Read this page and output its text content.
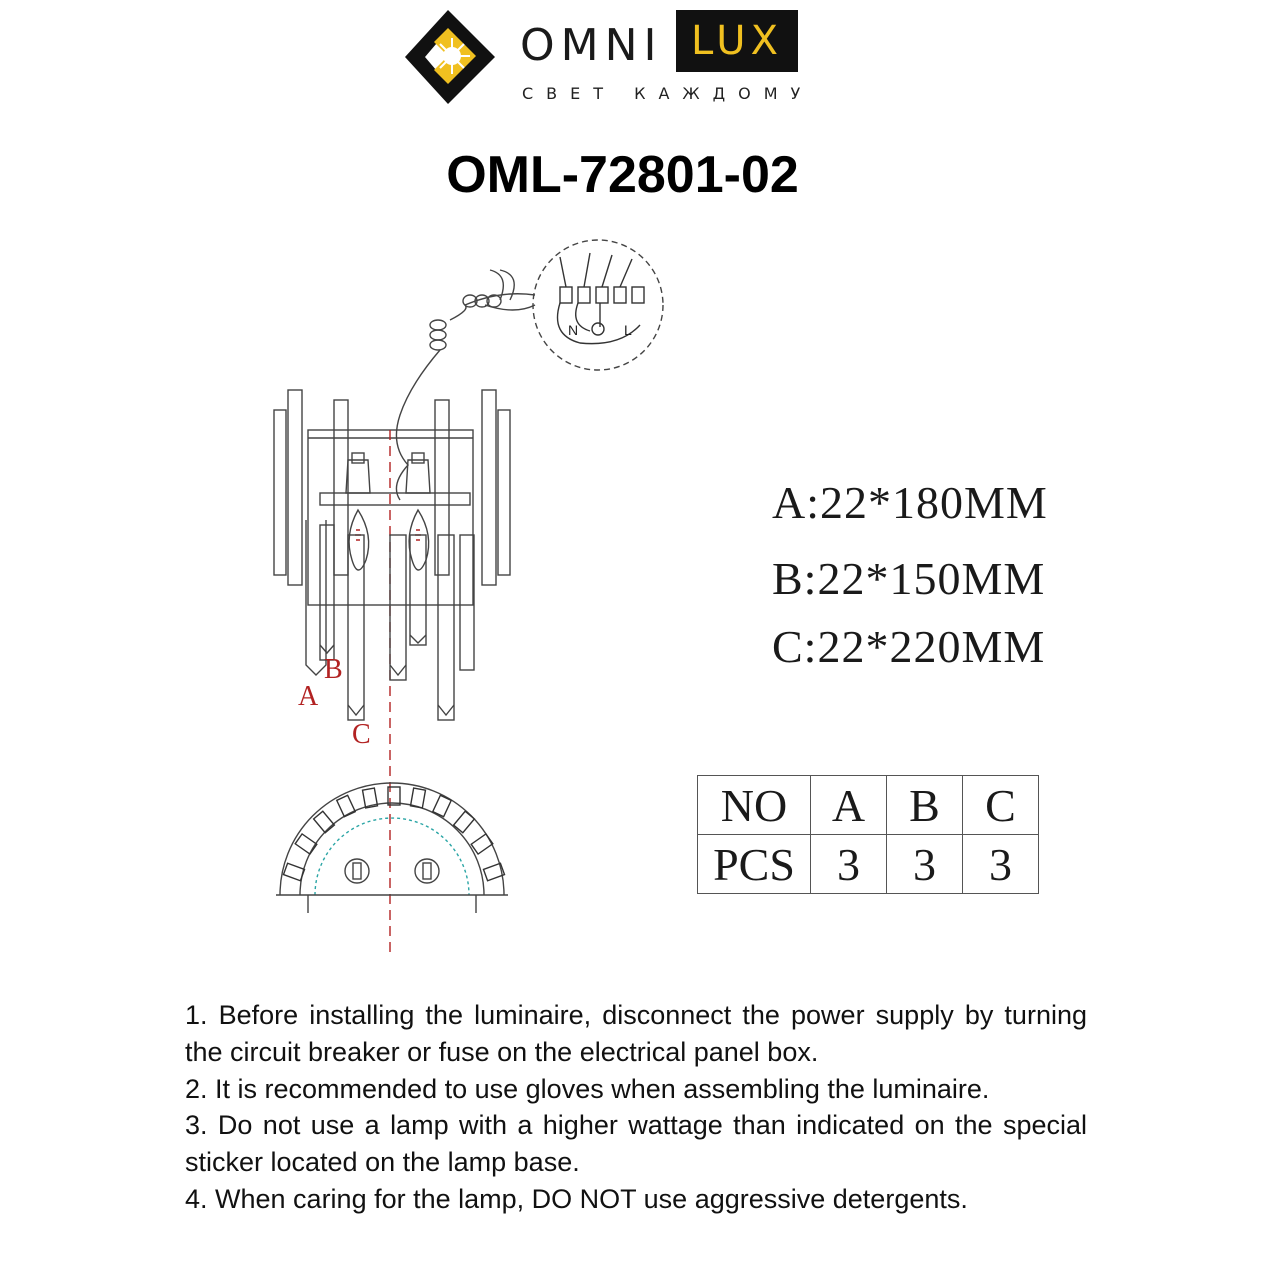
OMNI LUX
СВЕТ КАЖДОМУ
OML-72801-02
N	L
A
B
C
A:22*180MM
B:22*150MM
C:22*220MM
NO	A	B	C
PCS	3	3	3

1. Before installing the luminaire, disconnect the power supply by turning the circuit breaker or fuse on the electrical panel box.

2. It is recommended to use gloves when assembling the luminaire.

3. Do not use a lamp with a higher wattage than indicated on the special sticker located on the lamp base.

4. When caring for the lamp, DO NOT use aggressive detergents.
